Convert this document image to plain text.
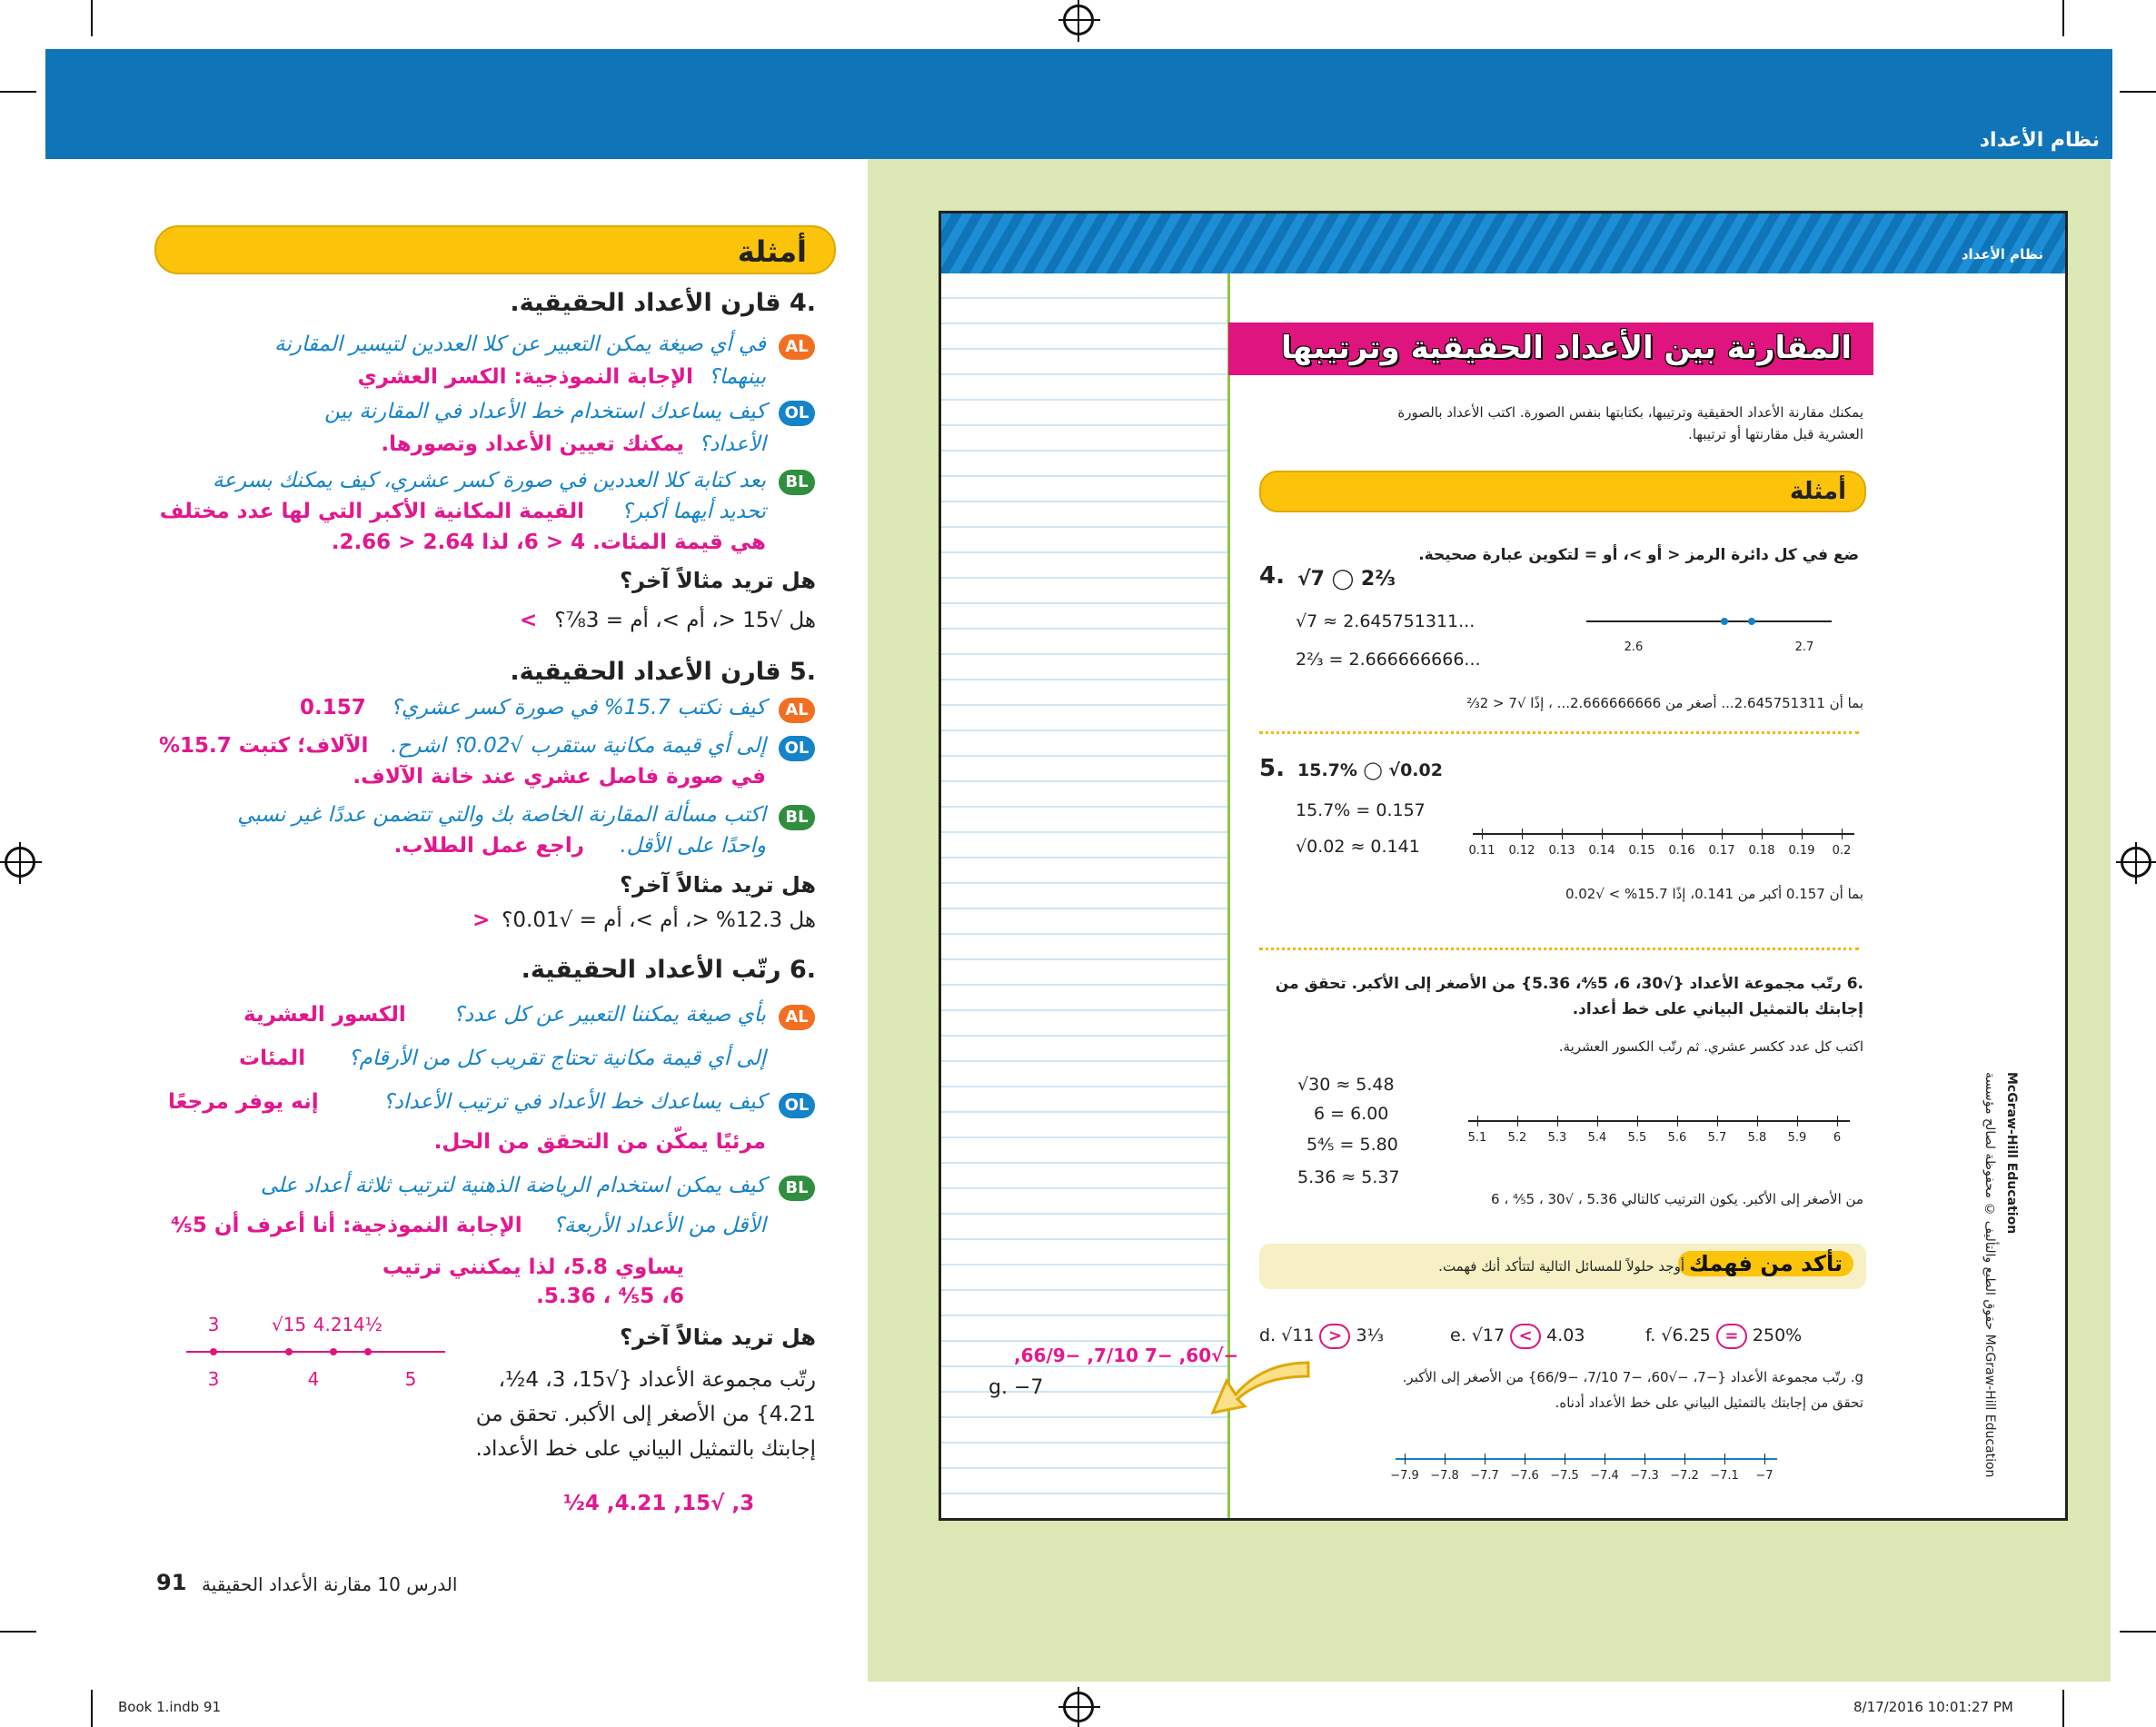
نظام الأعداد
أمثلة
.4 قارن الأعداد الحقيقية.
AL
في أي صيغة يمكن التعبير عن كلا العددين لتيسير المقارنة
بينهما؟
الإجابة النموذجية: الكسر العشري
OL
كيف يساعدك استخدام خط الأعداد في المقارنة بين
الأعداد؟
يمكنك تعيين الأعداد وتصورها.
BL
بعد كتابة كلا العددين في صورة كسر عشري، كيف يمكنك بسرعة
تحديد أيهما أكبر؟
القيمة المكانية الأكبر التي لها عدد مختلف
هي قيمة المئات. 4 < 6، لذا 2.64 < 2.66.
هل تريد مثالاً آخر؟
هل √15 <، أم >، أم = 3⅞؟
>
.5 قارن الأعداد الحقيقية.
AL
كيف نكتب 15.7% في صورة كسر عشري؟
0.157
OL
إلى أي قيمة مكانية ستقرب √0.02؟ اشرح.
الآلاف؛ كتبت 15.7%
في صورة فاصل عشري عند خانة الآلاف.
BL
اكتب مسألة المقارنة الخاصة بك والتي تتضمن عددًا غير نسبي
واحدًا على الأقل.
راجع عمل الطلاب.
هل تريد مثالاً آخر؟
هل 12.3% <، أم >، أم = √0.01؟
<
.6 رتّب الأعداد الحقيقية.
AL
بأي صيغة يمكننا التعبير عن كل عدد؟
الكسور العشرية
إلى أي قيمة مكانية تحتاج تقريب كل من الأرقام؟
المئات
OL
كيف يساعدك خط الأعداد في ترتيب الأعداد؟
إنه يوفر مرجعًا
مرئيًا يمكّن من التحقق من الحل.
BL
كيف يمكن استخدام الرياضة الذهنية لترتيب ثلاثة أعداد على
الأقل من الأعداد الأربعة؟
الإجابة النموذجية: أنا أعرف أن 5⅘
يساوي 5.8، لذا يمكنني ترتيب
6، 5⅘ ، 5.36.
3	√15 4.21 4½
3	4	5
هل تريد مثالاً آخر؟
رتّب مجموعة الأعداد {√15، 3، 4½، 4.21} من الأصغر إلى الأكبر. تحقق من إجابتك بالتمثيل البياني على خط الأعداد.
3, √15, 4.21, 4½
91 الدرس 10 مقارنة الأعداد الحقيقية
Book 1.indb 91	8/17/2016 10:01:27 PM
نظام الأعداد
−√60, −7 7/10, −66/9,
g. −7
المقارنة بين الأعداد الحقيقية وترتيبها
يمكنك مقارنة الأعداد الحقيقية وترتيبها، بكتابتها بنفس الصورة. اكتب الأعداد بالصورة
العشرية قبل مقارنتها أو ترتيبها.
أمثلة
ضع في كل دائرة الرمز < أو >، أو = لتكوين عبارة صحيحة.
4. √7 ◯ 2⅔
√7 ≈ 2.645751311...
2⅔ = 2.666666666...
2.6	2.7
بما أن 2.645751311... أصغر من 2.666666666... ، إذًا √7 < 2⅔
5. 15.7% ◯ √0.02
15.7% = 0.157
√0.02 ≈ 0.141	0.11 0.12 0.13 0.14 0.15 0.16 0.17 0.18 0.19 0.2
بما أن 0.157 أكبر من 0.141، إذًا 15.7% > √0.02
.6 رتّب مجموعة الأعداد {√30، 6، 5⅘، 5.36} من الأصغر إلى الأكبر. تحقق من
إجابتك بالتمثيل البياني على خط أعداد.
اكتب كل عدد ككسر عشري. ثم رتّب الكسور العشرية.
√30 ≈ 5.48
6 = 6.00
5⅘ = 5.80
5.36 ≈ 5.37
5.1 5.2 5.3 5.4 5.5 5.6 5.7 5.8 5.9 6
من الأصغر إلى الأكبر. يكون الترتيب كالتالي 5.36 ، √30 ، 5⅘ ، 6
تأكد من فهمك
أوجد حلولاً للمسائل التالية لتتأكد أنك فهمت.
d. √11 > 3⅓	e. √17 < 4.03	f. √6.25 = 250%
g. رتّب مجموعة الأعداد {−7، −√60، −7 7/10، −66/9} من الأصغر إلى الأكبر.
تحقق من إجابتك بالتمثيل البياني على خط الأعداد أدناه.
−7.9 −7.8 −7.7 −7.6 −7.5 −7.4 −7.3 −7.2 −7.1 −7
حقوق الطبع والتأليف © محفوظة لصالح مؤسسة McGraw-Hill Education
McGraw-Hill Education
